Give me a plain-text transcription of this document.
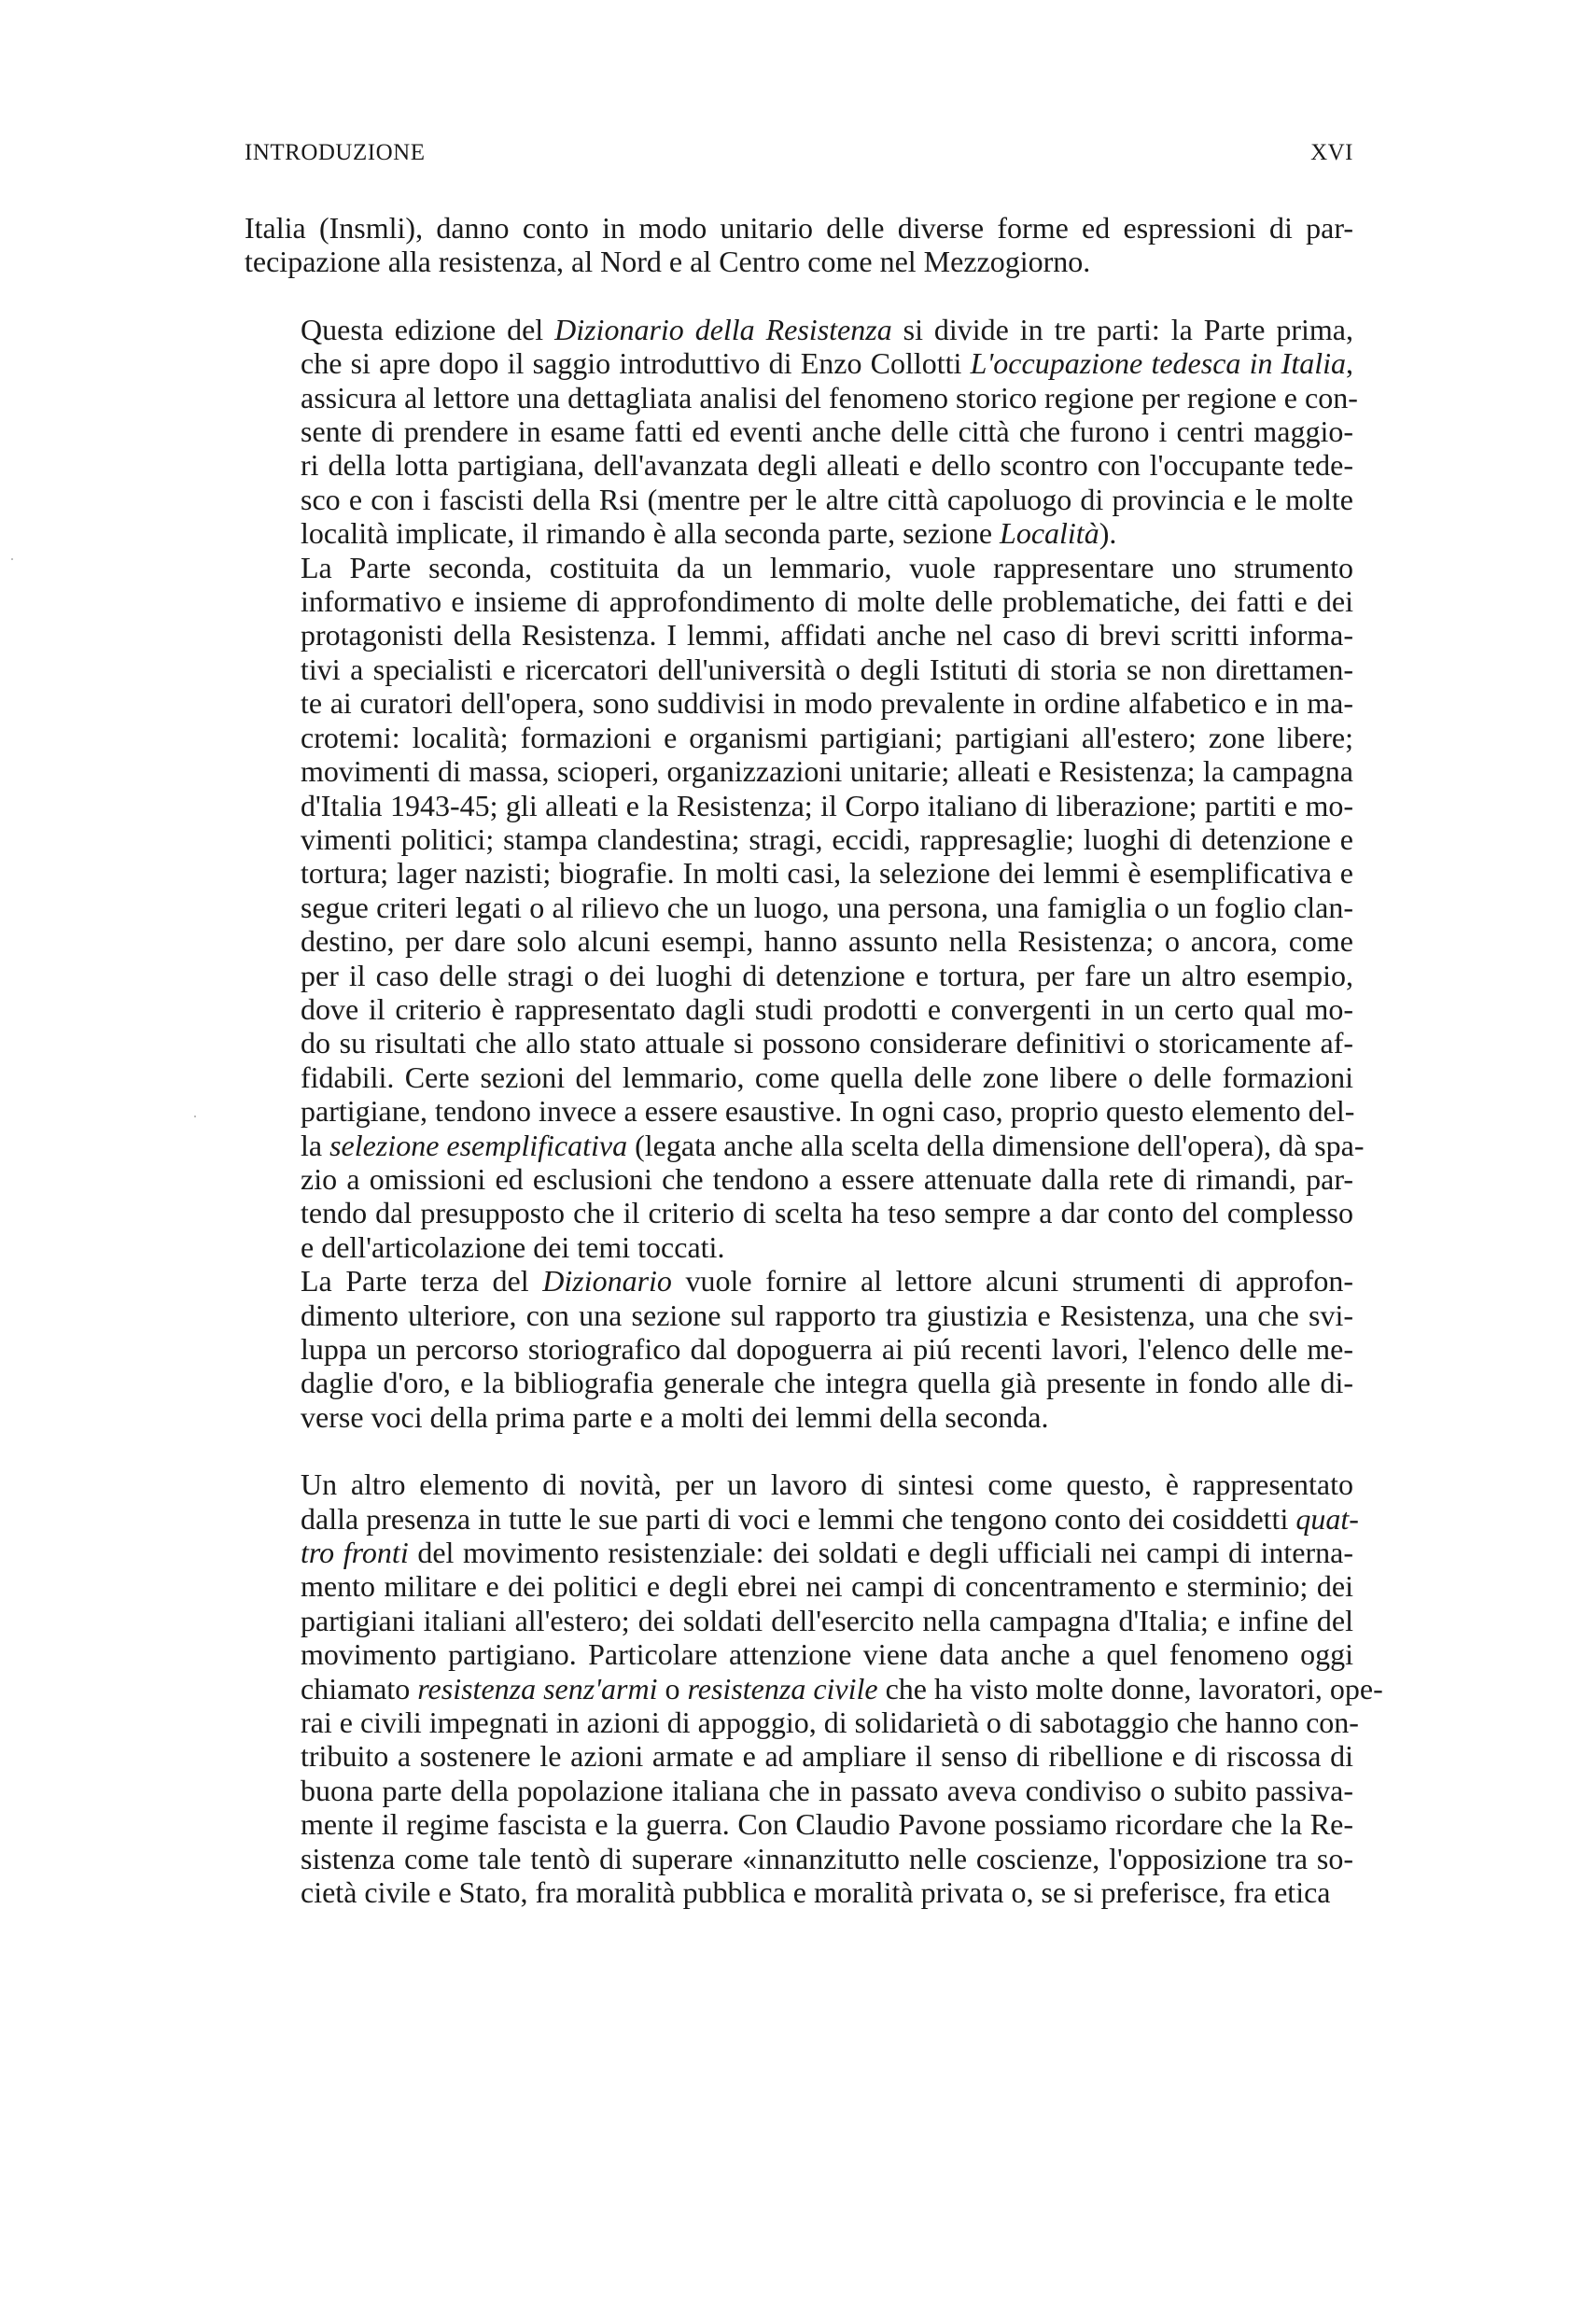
INTRODUZIONE	XVI

Italia (Insmli), danno conto in modo unitario delle diverse forme ed espressioni di par-
tecipazione alla resistenza, al Nord e al Centro come nel Mezzogiorno.

Questa edizione del Dizionario della Resistenza si divide in tre parti: la Parte prima,
che si apre dopo il saggio introduttivo di Enzo Collotti L'occupazione tedesca in Italia,
assicura al lettore una dettagliata analisi del fenomeno storico regione per regione e con-
sente di prendere in esame fatti ed eventi anche delle città che furono i centri maggio-
ri della lotta partigiana, dell'avanzata degli alleati e dello scontro con l'occupante tede-
sco e con i fascisti della Rsi (mentre per le altre città capoluogo di provincia e le molte
località implicate, il rimando è alla seconda parte, sezione Località).

La Parte seconda, costituita da un lemmario, vuole rappresentare uno strumento
informativo e insieme di approfondimento di molte delle problematiche, dei fatti e dei
protagonisti della Resistenza. I lemmi, affidati anche nel caso di brevi scritti informa-
tivi a specialisti e ricercatori dell'università o degli Istituti di storia se non direttamen-
te ai curatori dell'opera, sono suddivisi in modo prevalente in ordine alfabetico e in ma-
crotemi: località; formazioni e organismi partigiani; partigiani all'estero; zone libere;
movimenti di massa, scioperi, organizzazioni unitarie; alleati e Resistenza; la campagna
d'Italia 1943-45; gli alleati e la Resistenza; il Corpo italiano di liberazione; partiti e mo-
vimenti politici; stampa clandestina; stragi, eccidi, rappresaglie; luoghi di detenzione e
tortura; lager nazisti; biografie. In molti casi, la selezione dei lemmi è esemplificativa e
segue criteri legati o al rilievo che un luogo, una persona, una famiglia o un foglio clan-
destino, per dare solo alcuni esempi, hanno assunto nella Resistenza; o ancora, come
per il caso delle stragi o dei luoghi di detenzione e tortura, per fare un altro esempio,
dove il criterio è rappresentato dagli studi prodotti e convergenti in un certo qual mo-
do su risultati che allo stato attuale si possono considerare definitivi o storicamente af-
fidabili. Certe sezioni del lemmario, come quella delle zone libere o delle formazioni
partigiane, tendono invece a essere esaustive. In ogni caso, proprio questo elemento del-
la selezione esemplificativa (legata anche alla scelta della dimensione dell'opera), dà spa-
zio a omissioni ed esclusioni che tendono a essere attenuate dalla rete di rimandi, par-
tendo dal presupposto che il criterio di scelta ha teso sempre a dar conto del complesso
e dell'articolazione dei temi toccati.

La Parte terza del Dizionario vuole fornire al lettore alcuni strumenti di approfon-
dimento ulteriore, con una sezione sul rapporto tra giustizia e Resistenza, una che svi-
luppa un percorso storiografico dal dopoguerra ai piú recenti lavori, l'elenco delle me-
daglie d'oro, e la bibliografia generale che integra quella già presente in fondo alle di-
verse voci della prima parte e a molti dei lemmi della seconda.

Un altro elemento di novità, per un lavoro di sintesi come questo, è rappresentato
dalla presenza in tutte le sue parti di voci e lemmi che tengono conto dei cosiddetti quat-
tro fronti del movimento resistenziale: dei soldati e degli ufficiali nei campi di interna-
mento militare e dei politici e degli ebrei nei campi di concentramento e sterminio; dei
partigiani italiani all'estero; dei soldati dell'esercito nella campagna d'Italia; e infine del
movimento partigiano. Particolare attenzione viene data anche a quel fenomeno oggi
chiamato resistenza senz'armi o resistenza civile che ha visto molte donne, lavoratori, ope-
rai e civili impegnati in azioni di appoggio, di solidarietà o di sabotaggio che hanno con-
tribuito a sostenere le azioni armate e ad ampliare il senso di ribellione e di riscossa di
buona parte della popolazione italiana che in passato aveva condiviso o subito passiva-
mente il regime fascista e la guerra. Con Claudio Pavone possiamo ricordare che la Re-
sistenza come tale tentò di superare «innanzitutto nelle coscienze, l'opposizione tra so-
cietà civile e Stato, fra moralità pubblica e moralità privata o, se si preferisce, fra etica
